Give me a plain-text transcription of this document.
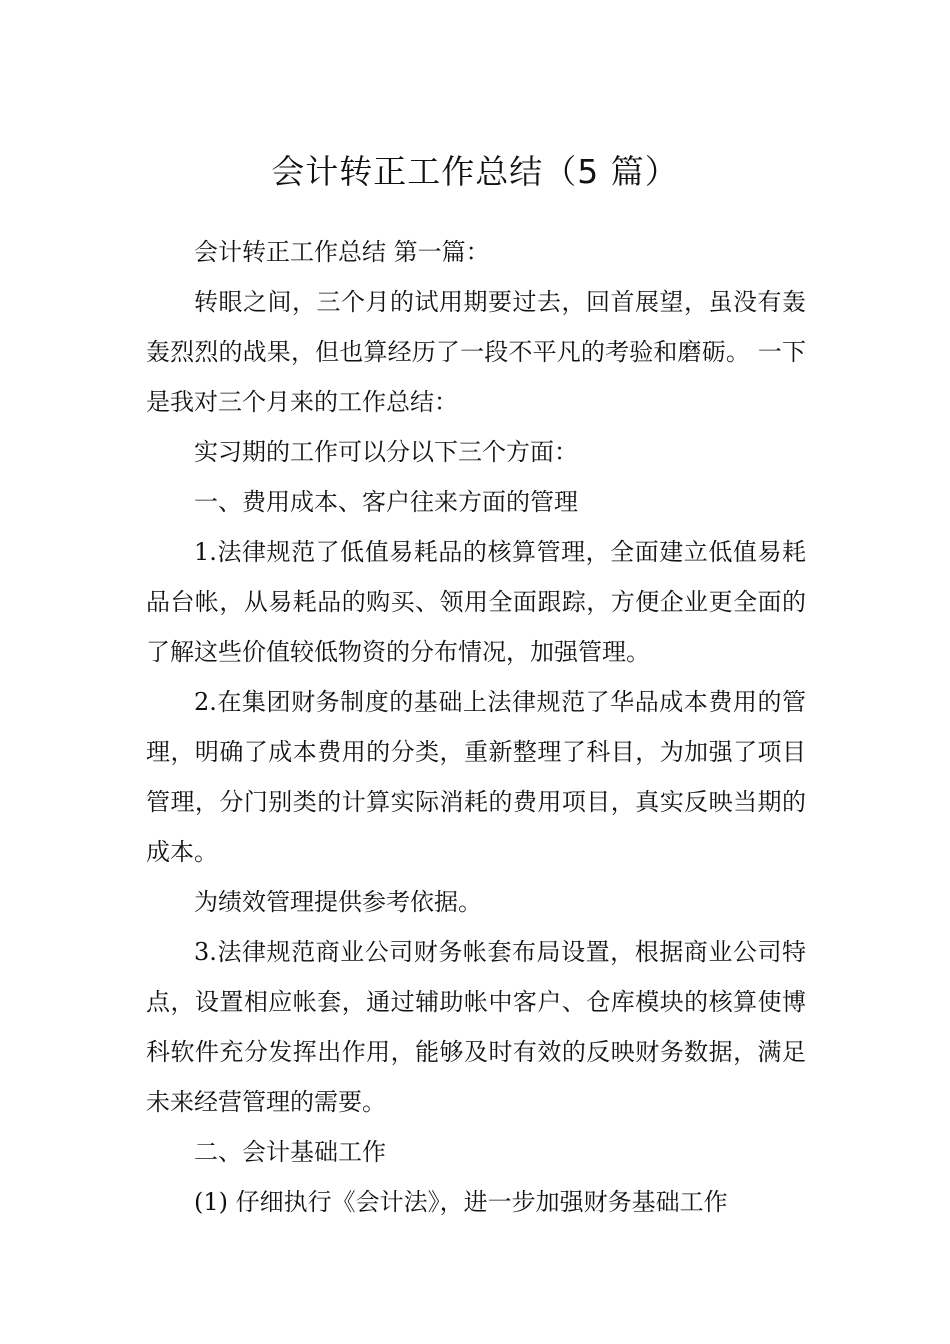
会计转正工作总结（5 篇）

会计转正工作总结 第一篇：

转眼之间，三个月的试用期要过去，回首展望，虽没有轰轰烈烈的战果，但也算经历了一段不平凡的考验和磨砺。 一下是我对三个月来的工作总结：

实习期的工作可以分以下三个方面：

一、费用成本、客户往来方面的管理

1.法律规范了低值易耗品的核算管理，全面建立低值易耗品台帐，从易耗品的购买、领用全面跟踪，方便企业更全面的了解这些价值较低物资的分布情况，加强管理。

2.在集团财务制度的基础上法律规范了华品成本费用的管理，明确了成本费用的分类，重新整理了科目，为加强了项目管理，分门别类的计算实际消耗的费用项目，真实反映当期的成本。

为绩效管理提供参考依据。

3.法律规范商业公司财务帐套布局设置，根据商业公司特点，设置相应帐套，通过辅助帐中客户、仓库模块的核算使博科软件充分发挥出作用，能够及时有效的反映财务数据，满足未来经营管理的需要。

二、会计基础工作

(1) 仔细执行《会计法》，进一步加强财务基础工作
